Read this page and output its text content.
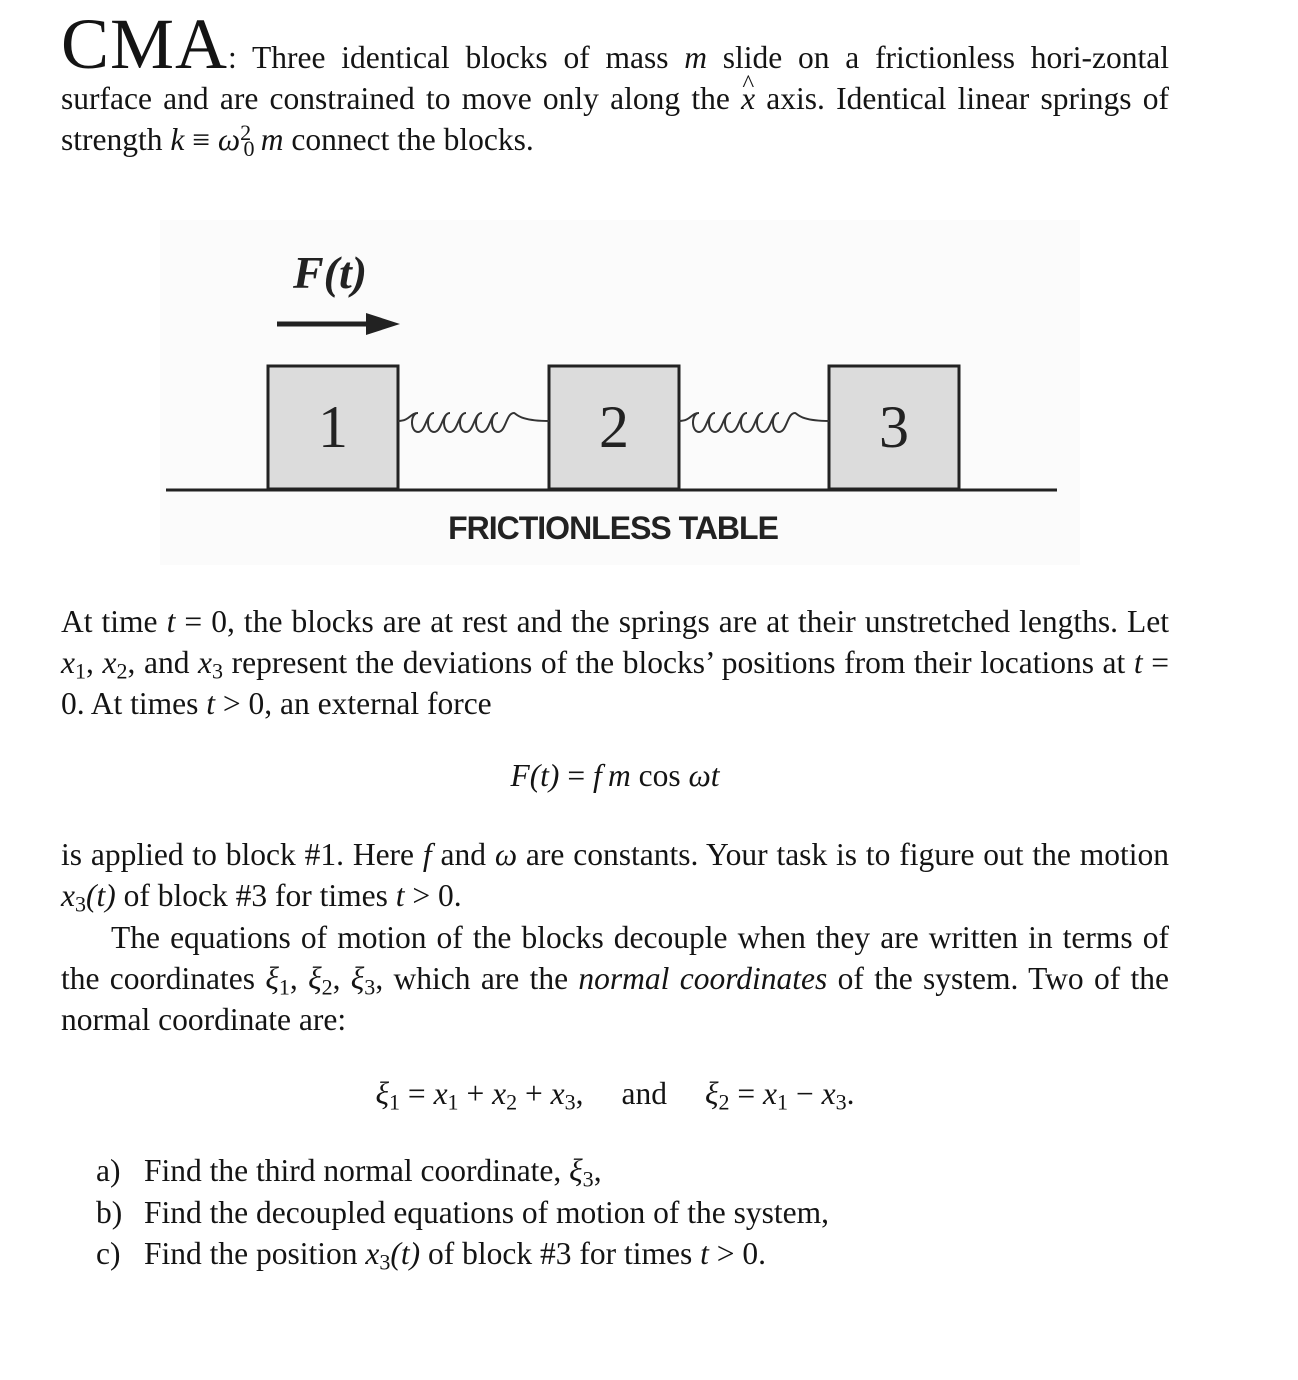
CMA: Three identical blocks of mass m slide on a frictionless hori-zontal surface and are constrained to move only along the ^ x axis. Identical linear springs of strength $k \equiv \omega^2_0$  m connect the blocks.

F(t)
1	2	3
FRICTIONLESS TABLE

At time t = 0, the blocks are at rest and the springs are at their unstretched lengths. Let $x_1$, $x_2$, and $x_3$ represent the deviations of the blocks’ positions from their locations at t = 0. At times t > 0, an external force

F(t) = f  m cos ωt

is applied to block #1. Here f and ω are constants. Your task is to figure out the motion $x_3(t)$ of block #3 for times t > 0.

The equations of motion of the blocks decouple when they are written in terms of the coordinates $\xi_1$, $\xi_2$, $\xi_3$, which are the normal coordinates of the system. Two of the normal coordinate are:

$\xi_1 = x_1 + x_2 + x_3$, and $\xi_2 = x_1 - x_3$.
a) Find the third normal coordinate, $\xi_3$,
b) Find the decoupled equations of motion of the system,
c) Find the position $x_3(t)$ of block #3 for times t > 0.
